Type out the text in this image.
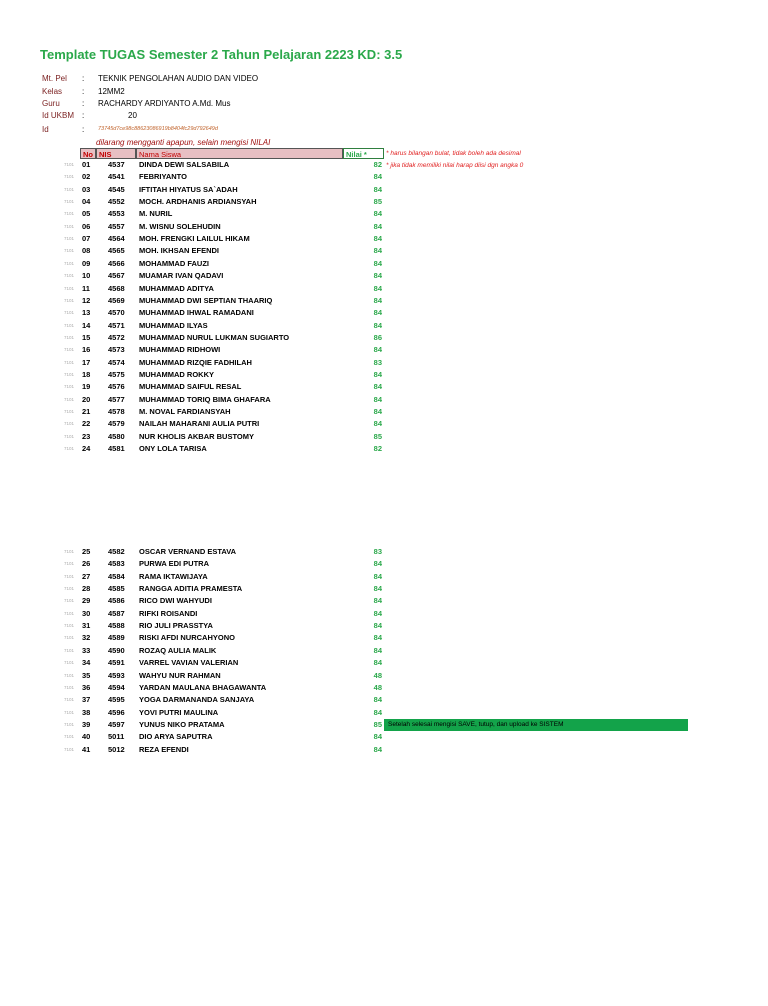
Template TUGAS Semester 2 Tahun Pelajaran 2223 KD: 3.5
Mt. Pel : TEKNIK PENGOLAHAN AUDIO DAN VIDEO
Kelas : 12MM2
Guru	: RACHARDY ARDIYANTO A.Md. Mus
Id UKBM :	20
Id	:	73745d7ce98c88623086919b8404fc29d792649d
dilarang mengganti apapun, selain mengisi NILAI
No NIS	Nama Siswa	Nilai *	* harus bilangan bulat, tidak boleh ada desimal
* jika tidak memiliki nilai harap diisi dgn angka 0
7101 01 4537 DINDA DEWI SALSABILA	82
7101 02 4541 FEBRIYANTO	84
7101 03 4545 IFTITAH HIYATUS SA`ADAH	84
7101 04 4552 MOCH. ARDHANIS ARDIANSYAH	85
7101 05 4553 M. NURIL	84
7101 06 4557 M. WISNU SOLEHUDIN	84
7101 07 4564 MOH. FRENGKI LAILUL HIKAM	84
7101 08 4565 MOH. IKHSAN EFENDI	84
7101 09 4566 MOHAMMAD FAUZI	84
7101 10 4567 MUAMAR IVAN QADAVI	84
7101 11 4568 MUHAMMAD ADITYA	84
7101 12 4569 MUHAMMAD DWI SEPTIAN THAARIQ	84
7101 13 4570 MUHAMMAD IHWAL RAMADANI	84
7101 14 4571 MUHAMMAD ILYAS	84
7101 15 4572 MUHAMMAD NURUL LUKMAN SUGIARTO	86
7101 16 4573 MUHAMMAD RIDHOWI	84
7101 17 4574 MUHAMMAD RIZQIE FADHILAH	83
7101 18 4575 MUHAMMAD ROKKY	84
7101 19 4576 MUHAMMAD SAIFUL RESAL	84
7101 20 4577 MUHAMMAD TORIQ BIMA GHAFARA	84
7101 21 4578 M. NOVAL FARDIANSYAH	84
7101 22 4579 NAILAH MAHARANI AULIA PUTRI	84
7101 23 4580 NUR KHOLIS AKBAR BUSTOMY	85
7101 24 4581 ONY LOLA TARISA	82
7101 25 4582 OSCAR VERNAND ESTAVA	83
7101 26 4583 PURWA EDI PUTRA	84
7101 27 4584 RAMA IKTAWIJAYA	84
7101 28 4585 RANGGA ADITIA PRAMESTA	84
7101 29 4586 RICO DWI WAHYUDI	84
7101 30 4587 RIFKI ROISANDI	84
7101 31 4588 RIO JULI PRASSTYA	84
7101 32 4589 RISKI AFDI NURCAHYONO	84
7101 33 4590 ROZAQ AULIA MALIK	84
7101 34 4591 VARREL VAVIAN VALERIAN	84
7101 35 4593 WAHYU NUR RAHMAN	48
7101 36 4594 YARDAN MAULANA BHAGAWANTA	48
7101 37 4595 YOGA DARMANANDA SANJAYA	84
7101 38 4596 YOVI PUTRI MAULINA	84
7101 39 4597 YUNUS NIKO PRATAMA	85
7101 40 5011 DIO ARYA SAPUTRA	84
7101 41 5012 REZA EFENDI	84
Setelah selesai mengisi SAVE, tutup, dan upload ke SISTEM
